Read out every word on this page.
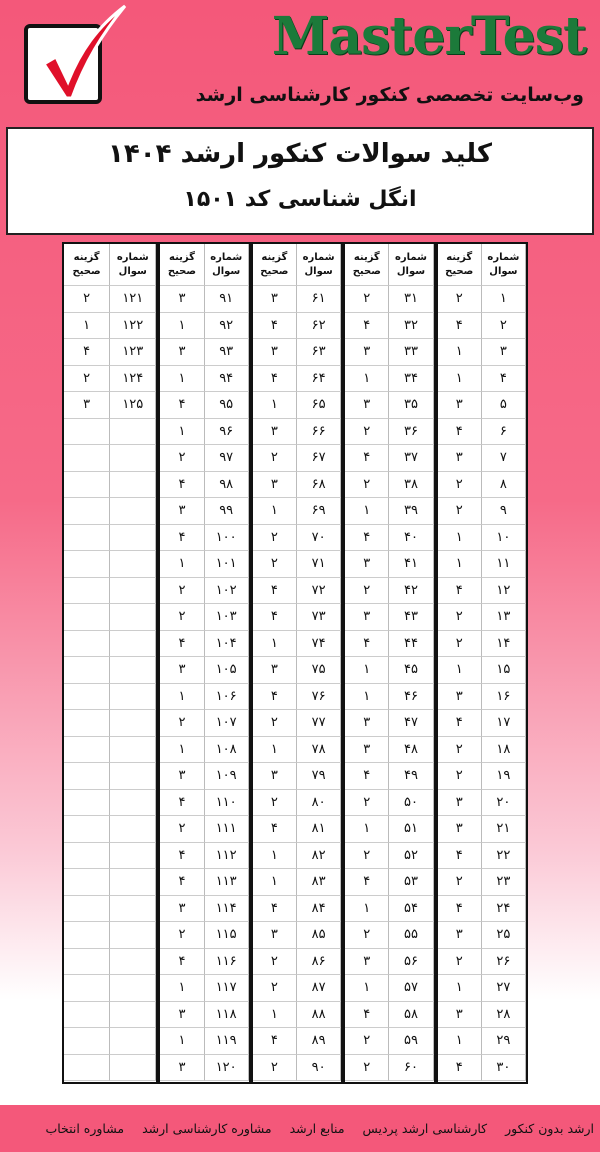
MasterTest
وب‌سایت تخصصی کنکور کارشناسی ارشد
کلید سوالات کنکور ارشد ۱۴۰۴
انگل شناسی کد ۱۵۰۱
شماره
سوال
گزینه
صحیح
۱
۲
۲
۴
۳
۱
۴
۱
۵
۳
۶
۴
۷
۳
۸
۲
۹
۲
۱۰
۱
۱۱
۱
۱۲
۴
۱۳
۲
۱۴
۲
۱۵
۱
۱۶
۳
۱۷
۴
۱۸
۲
۱۹
۲
۲۰
۳
۲۱
۳
۲۲
۴
۲۳
۲
۲۴
۴
۲۵
۳
۲۶
۲
۲۷
۱
۲۸
۳
۲۹
۱
۳۰
۴
شماره
سوال
گزینه
صحیح
۳۱
۲
۳۲
۴
۳۳
۳
۳۴
۱
۳۵
۳
۳۶
۲
۳۷
۴
۳۸
۲
۳۹
۱
۴۰
۴
۴۱
۳
۴۲
۲
۴۳
۳
۴۴
۴
۴۵
۱
۴۶
۱
۴۷
۳
۴۸
۳
۴۹
۴
۵۰
۲
۵۱
۱
۵۲
۲
۵۳
۴
۵۴
۱
۵۵
۲
۵۶
۳
۵۷
۱
۵۸
۴
۵۹
۲
۶۰
۲
شماره
سوال
گزینه
صحیح
۶۱
۳
۶۲
۴
۶۳
۳
۶۴
۴
۶۵
۱
۶۶
۳
۶۷
۲
۶۸
۳
۶۹
۱
۷۰
۲
۷۱
۲
۷۲
۴
۷۳
۴
۷۴
۱
۷۵
۳
۷۶
۴
۷۷
۲
۷۸
۱
۷۹
۳
۸۰
۲
۸۱
۴
۸۲
۱
۸۳
۱
۸۴
۴
۸۵
۳
۸۶
۲
۸۷
۲
۸۸
۱
۸۹
۴
۹۰
۲
شماره
سوال
گزینه
صحیح
۹۱
۳
۹۲
۱
۹۳
۳
۹۴
۱
۹۵
۴
۹۶
۱
۹۷
۲
۹۸
۴
۹۹
۳
۱۰۰
۴
۱۰۱
۱
۱۰۲
۲
۱۰۳
۲
۱۰۴
۴
۱۰۵
۳
۱۰۶
۱
۱۰۷
۲
۱۰۸
۱
۱۰۹
۳
۱۱۰
۴
۱۱۱
۲
۱۱۲
۴
۱۱۳
۴
۱۱۴
۳
۱۱۵
۲
۱۱۶
۴
۱۱۷
۱
۱۱۸
۳
۱۱۹
۱
۱۲۰
۳
شماره
سوال
گزینه
صحیح
۱۲۱
۲
۱۲۲
۱
۱۲۳
۴
۱۲۴
۲
۱۲۵
۳
ارشد بدون کنکور
کارشناسی ارشد پردیس
منابع ارشد
مشاوره کارشناسی ارشد
مشاوره انتخاب
